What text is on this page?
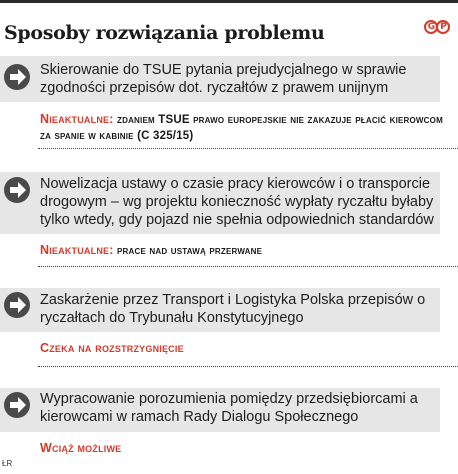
Sposoby rozwiązania problemu	G P
Skierowanie do TSUE pytania prejudycjalnego w sprawie zgodności przepisów dot. ryczałtów z prawem unijnym
Nieaktualne: zdaniem TSUE prawo europejskie nie zakazuje płacić kierowcom za spanie w kabinie (C 325/15)
Nowelizacja ustawy o czasie pracy kierowców i o transporcie drogowym – wg projektu konieczność wypłaty ryczałtu byłaby tylko wtedy, gdy pojazd nie spełnia odpowiednich standardów
Nieaktualne: prace nad ustawą przerwane
Zaskarżenie przez Transport i Logistyka Polska przepisów o ryczałtach do Trybunału Konstytucyjnego
Czeka na rozstrzygnięcie
Wypracowanie porozumienia pomiędzy przedsiębiorcami a kierowcami w ramach Rady Dialogu Społecznego
Wciąż możliwe
ŁR
